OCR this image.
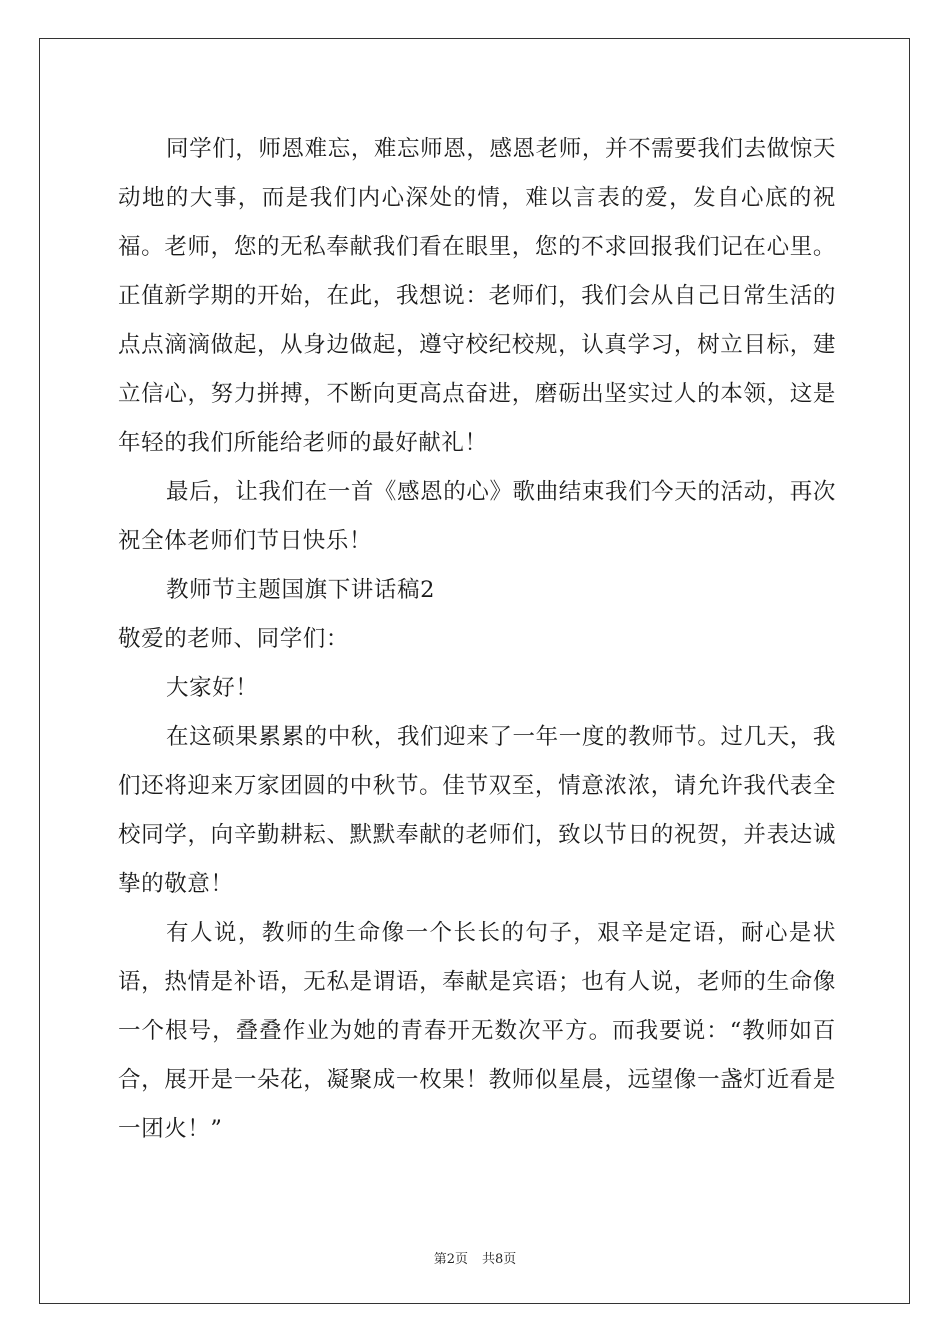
同学们，师恩难忘，难忘师恩，感恩老师，并不需要我们去做惊天动地的大事，而是我们内心深处的情，难以言表的爱，发自心底的祝福。老师，您的无私奉献我们看在眼里，您的不求回报我们记在心里。正值新学期的开始，在此，我想说：老师们，我们会从自己日常生活的点点滴滴做起，从身边做起，遵守校纪校规，认真学习，树立目标，建立信心，努力拼搏，不断向更高点奋进，磨砺出坚实过人的本领，这是年轻的我们所能给老师的最好献礼！

最后，让我们在一首《感恩的心》歌曲结束我们今天的活动，再次祝全体老师们节日快乐！

教师节主题国旗下讲话稿2

敬爱的老师、同学们：

大家好！

在这硕果累累的中秋，我们迎来了一年一度的教师节。过几天，我们还将迎来万家团圆的中秋节。佳节双至，情意浓浓，请允许我代表全校同学，向辛勤耕耘、默默奉献的老师们，致以节日的祝贺，并表达诚挚的敬意！

有人说，教师的生命像一个长长的句子，艰辛是定语，耐心是状语，热情是补语，无私是谓语，奉献是宾语；也有人说，老师的生命像一个根号，叠叠作业为她的青春开无数次平方。而我要说：“教师如百合，展开是一朵花，凝聚成一枚果！教师似星晨，远望像一盏灯近看是一团火！”

第2页 共8页
